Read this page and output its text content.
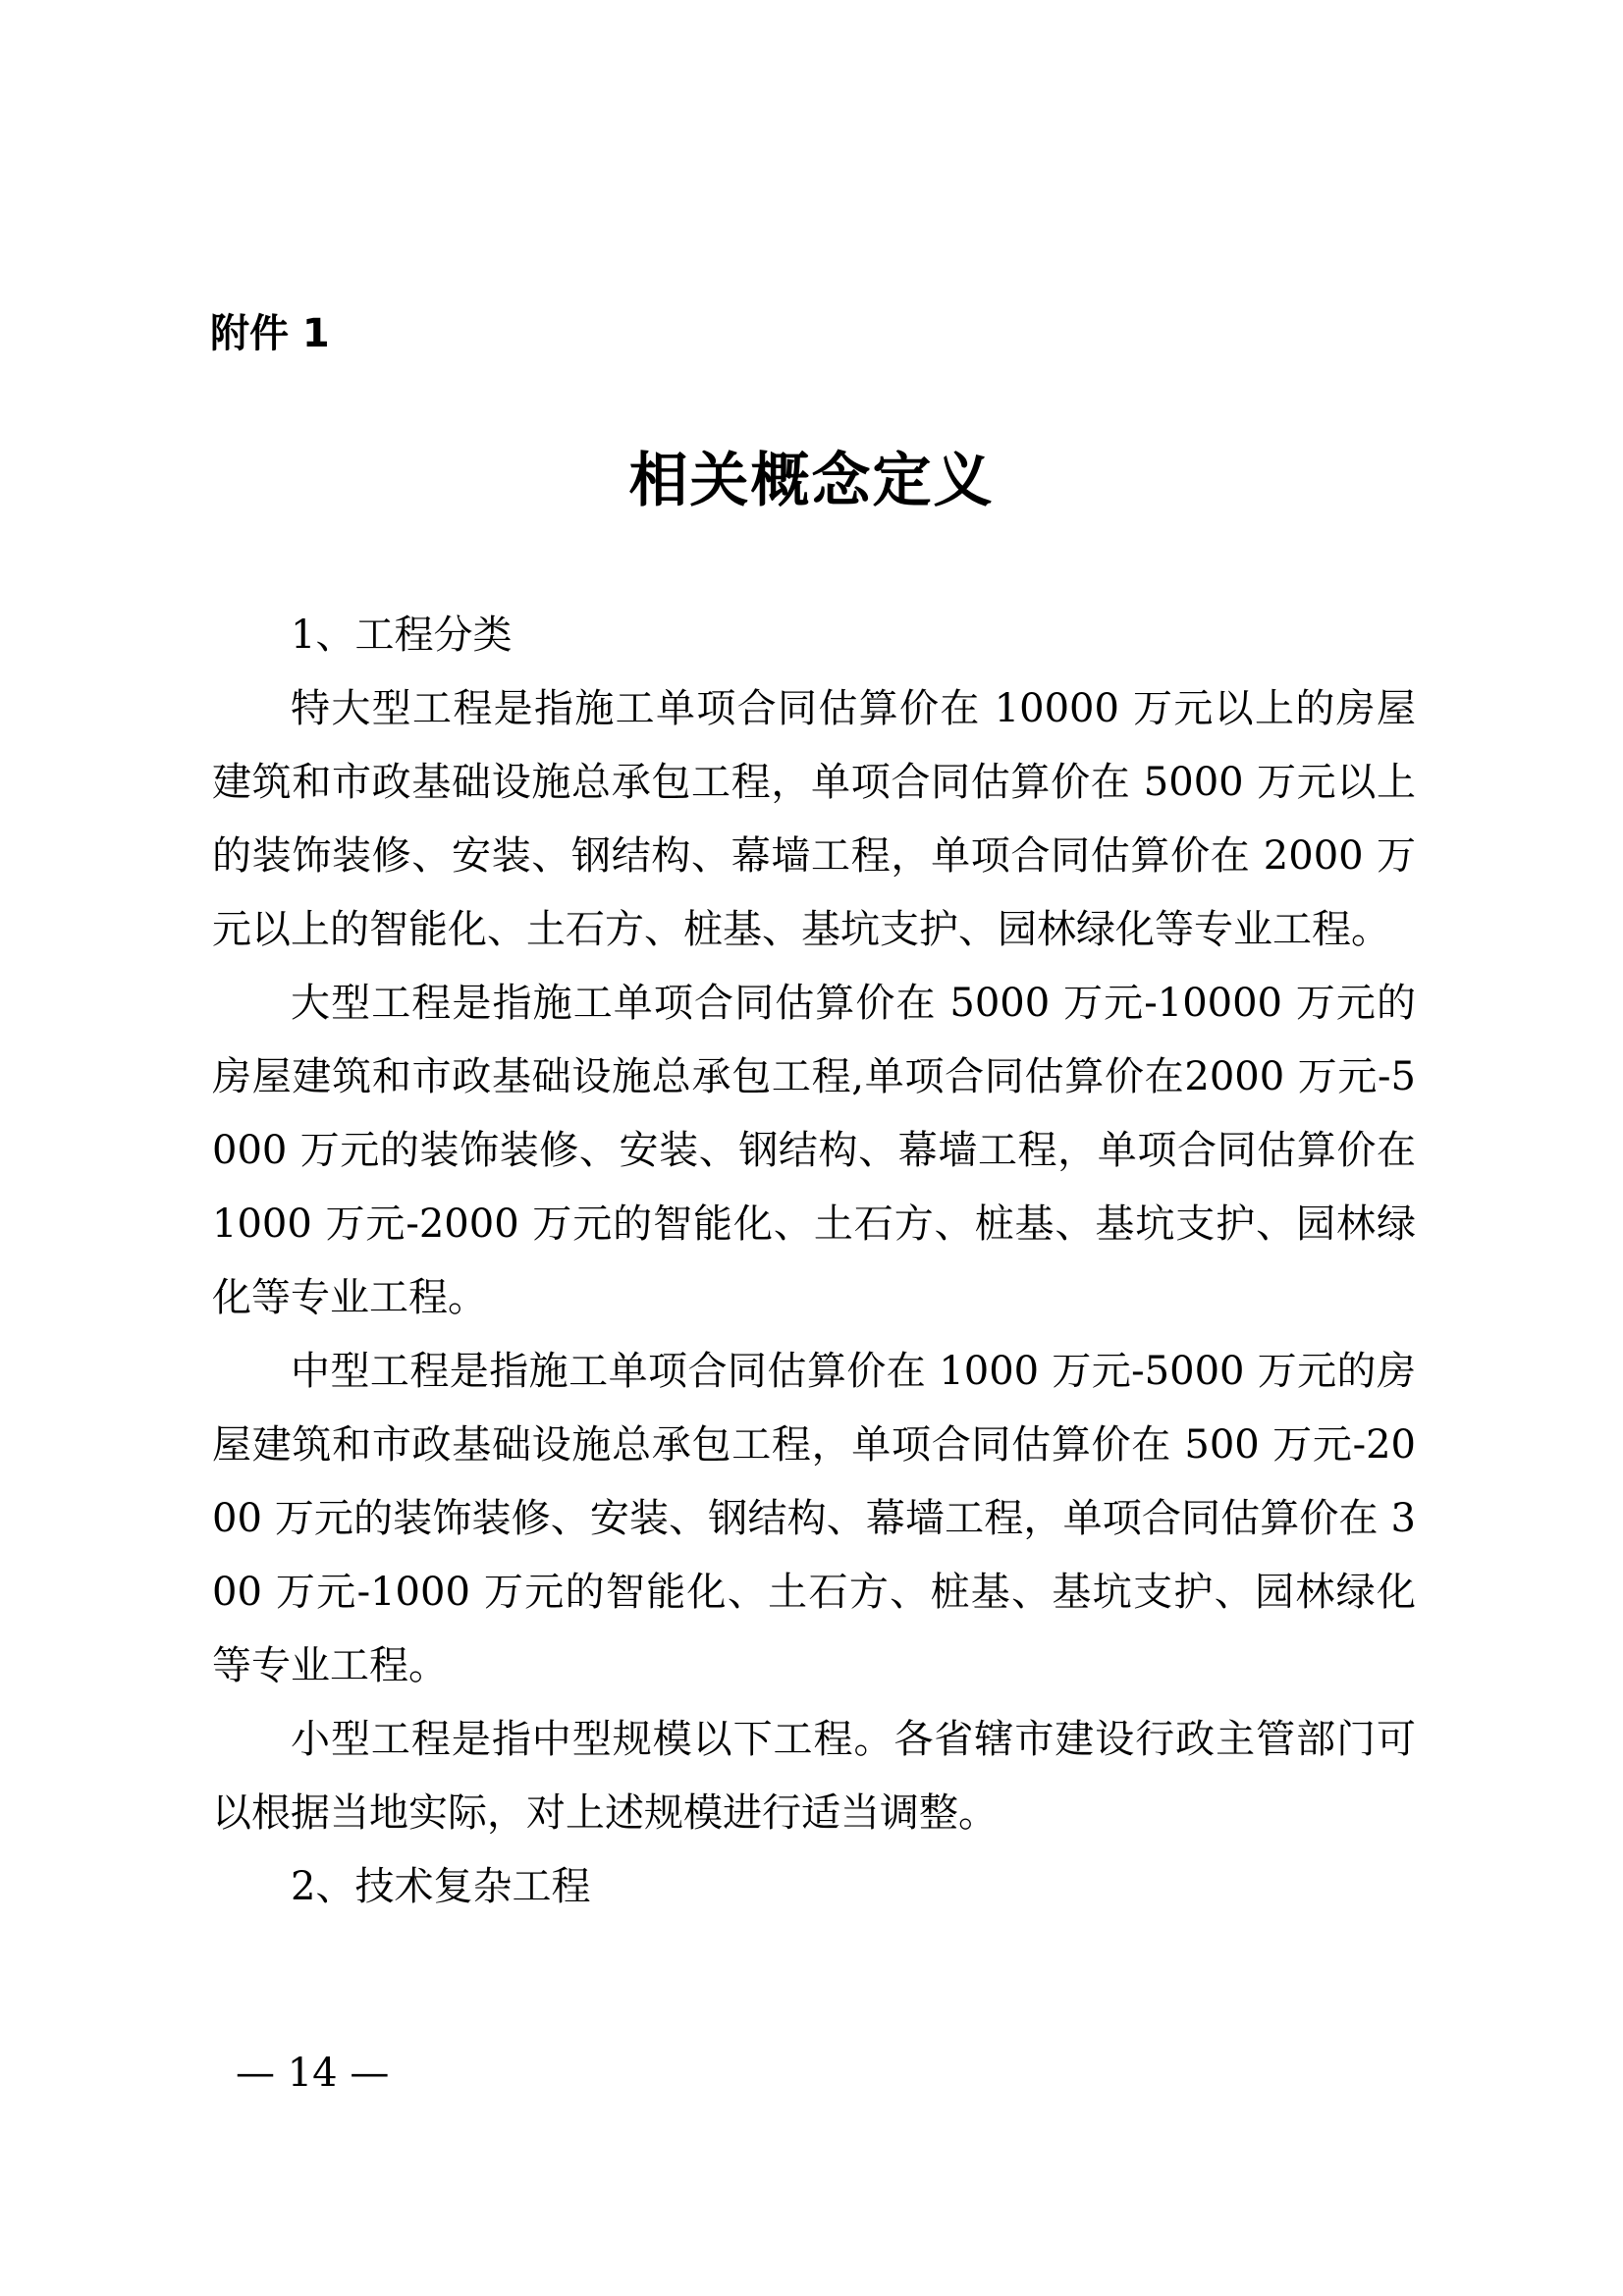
附件 1
相关概念定义

1、工程分类

特大型工程是指施工单项合同估算价在 10000 万元以上的房屋建筑和市政基础设施总承包工程，单项合同估算价在 5000 万元以上的装饰装修、安装、钢结构、幕墙工程，单项合同估算价在 2000 万元以上的智能化、土石方、桩基、基坑支护、园林绿化等专业工程。

大型工程是指施工单项合同估算价在 5000 万元-10000 万元的房屋建筑和市政基础设施总承包工程,单项合同估算价在2000 万元-5000 万元的装饰装修、安装、钢结构、幕墙工程，单项合同估算价在 1000 万元-2000 万元的智能化、土石方、桩基、基坑支护、园林绿化等专业工程。

中型工程是指施工单项合同估算价在 1000 万元-5000 万元的房屋建筑和市政基础设施总承包工程，单项合同估算价在 500 万元-2000 万元的装饰装修、安装、钢结构、幕墙工程，单项合同估算价在 300 万元-1000 万元的智能化、土石方、桩基、基坑支护、园林绿化等专业工程。

小型工程是指中型规模以下工程。各省辖市建设行政主管部门可以根据当地实际，对上述规模进行适当调整。

2、技术复杂工程

— 14 —
